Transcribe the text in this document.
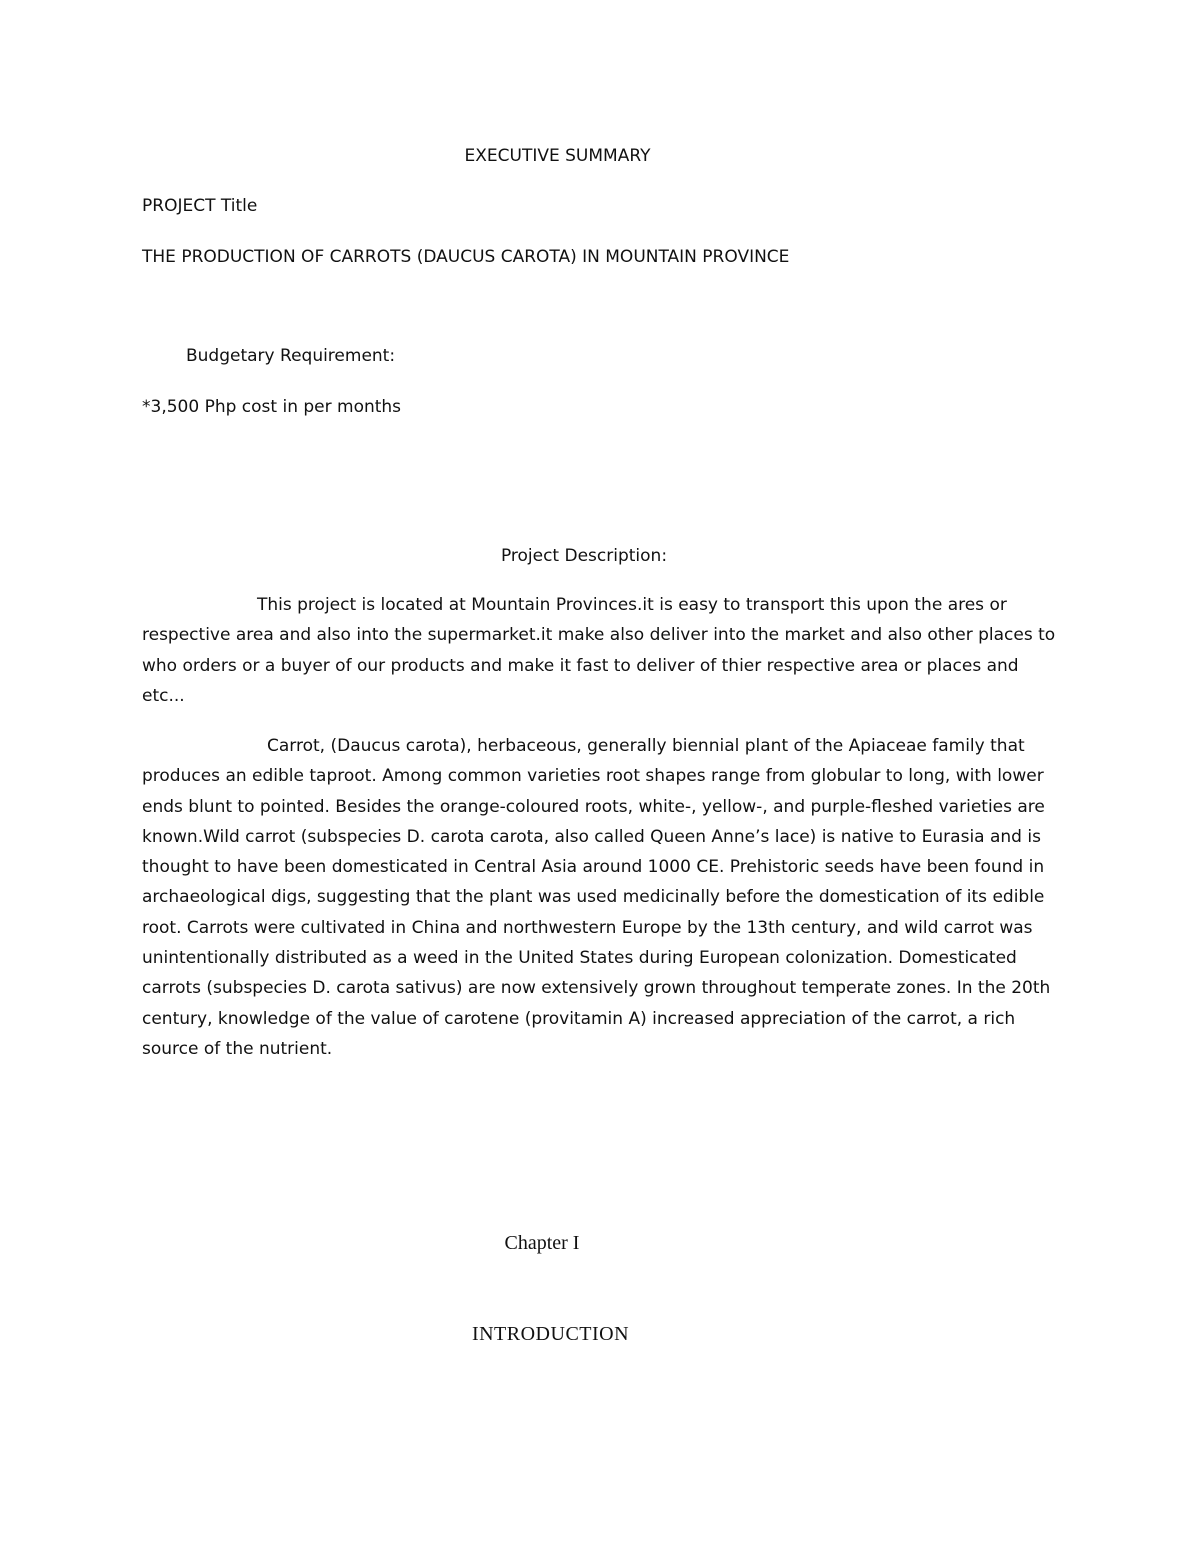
EXECUTIVE SUMMARY
PROJECT Title
THE PRODUCTION OF CARROTS (DAUCUS CAROTA) IN MOUNTAIN PROVINCE
Budgetary Requirement:
*3,500 Php cost in per months
Project Description:
This project is located at Mountain Provinces.it is easy to transport this upon the ares or respective area and also into the supermarket.it make also deliver into the market and also other places to who orders or a buyer of our products and make it fast to deliver of thier respective area or places and etc...
Carrot, (Daucus carota), herbaceous, generally biennial plant of the Apiaceae family that produces an edible taproot. Among common varieties root shapes range from globular to long, with lower ends blunt to pointed. Besides the orange-coloured roots, white-, yellow-, and purple-fleshed varieties are known.Wild carrot (subspecies D. carota carota, also called Queen Anne’s lace) is native to Eurasia and is thought to have been domesticated in Central Asia around 1000 CE. Prehistoric seeds have been found in archaeological digs, suggesting that the plant was used medicinally before the domestication of its edible root. Carrots were cultivated in China and northwestern Europe by the 13th century, and wild carrot was unintentionally distributed as a weed in the United States during European colonization. Domesticated carrots (subspecies D. carota sativus) are now extensively grown throughout temperate zones. In the 20th century, knowledge of the value of carotene (provitamin A) increased appreciation of the carrot, a rich source of the nutrient.
Chapter I
INTRODUCTION
